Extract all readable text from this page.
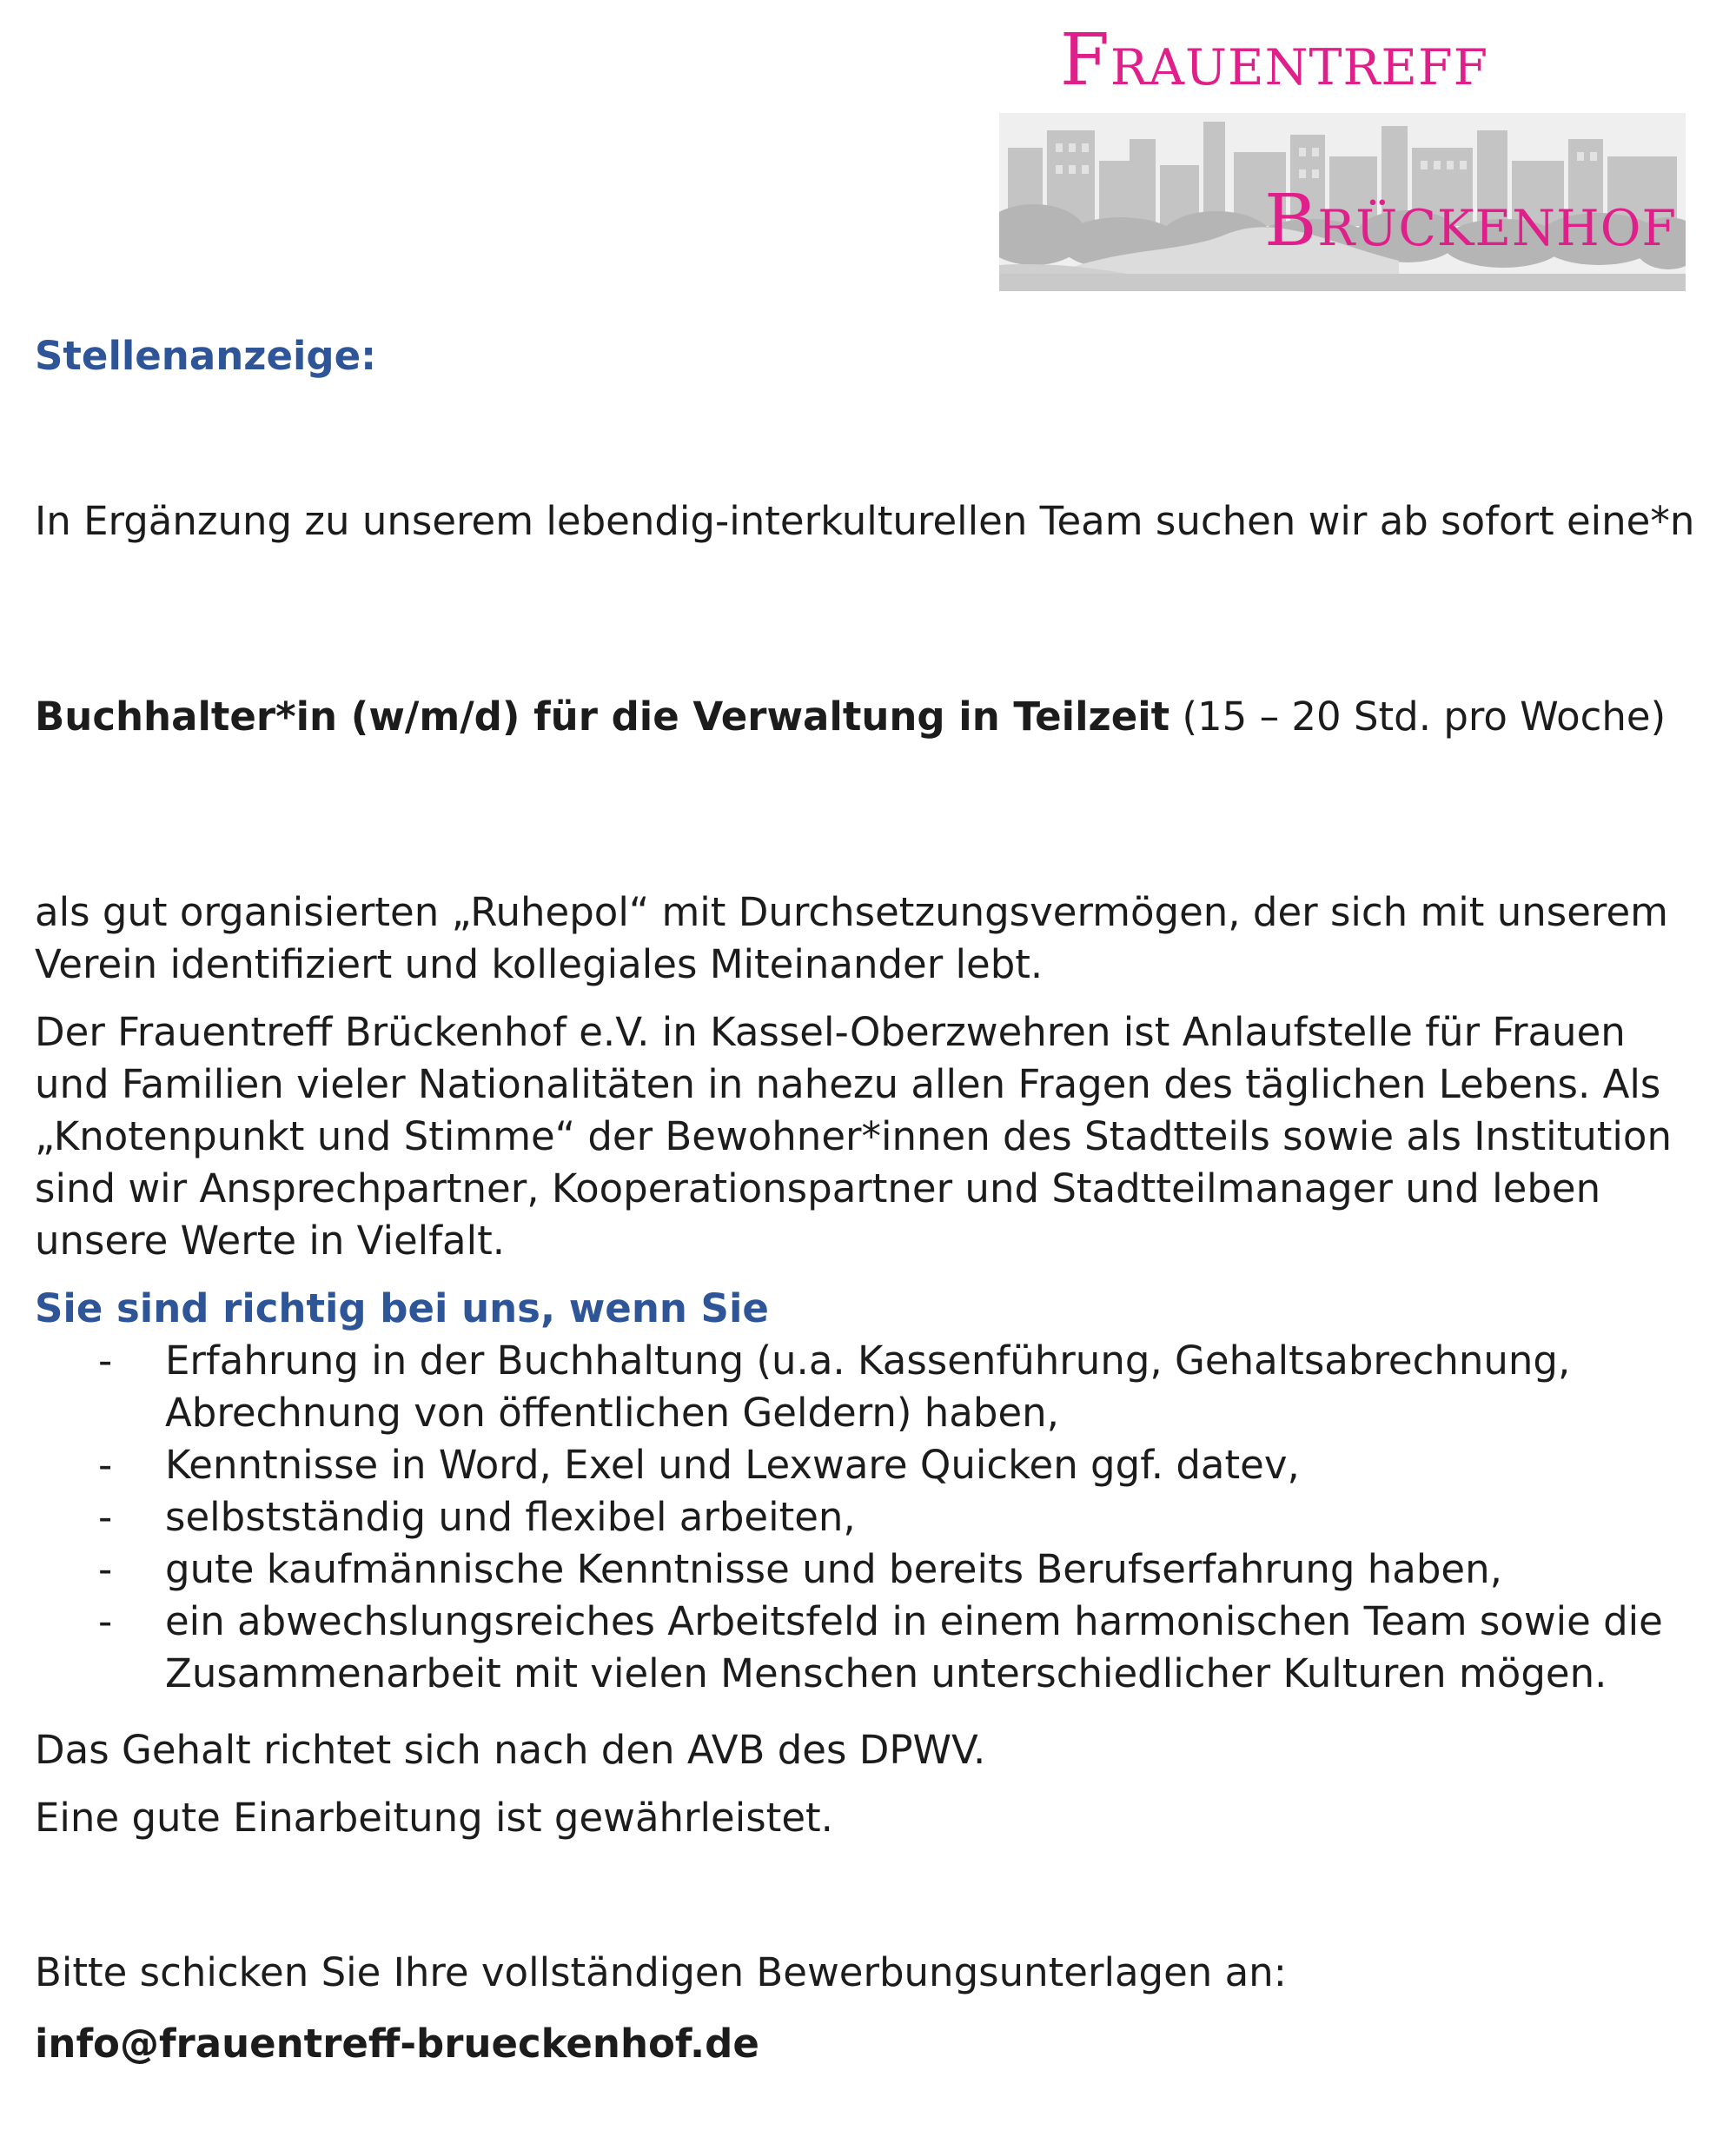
Frauentreff
Brückenhof

Stellenanzeige:

In Ergänzung zu unserem lebendig-interkulturellen Team suchen wir ab sofort eine*n

Buchhalter*in (w/m/d) für die Verwaltung in Teilzeit (15 – 20 Std. pro Woche)

als gut organisierten „Ruhepol“ mit Durchsetzungsvermögen, der sich mit unserem Verein identifiziert und kollegiales Miteinander lebt.

Der Frauentreff Brückenhof e.V. in Kassel-Oberzwehren ist Anlaufstelle für Frauen und Familien vieler Nationalitäten in nahezu allen Fragen des täglichen Lebens. Als „Knotenpunkt und Stimme“ der Bewohner*innen des Stadtteils sowie als Institution sind wir Ansprechpartner, Kooperationspartner und Stadtteilmanager und leben unsere Werte in Vielfalt.

Sie sind richtig bei uns, wenn Sie

- Erfahrung in der Buchhaltung (u.a. Kassenführung, Gehaltsabrechnung, Abrechnung von öffentlichen Geldern) haben,
- Kenntnisse in Word, Exel und Lexware Quicken ggf. datev,
- selbstständig und flexibel arbeiten,
- gute kaufmännische Kenntnisse und bereits Berufserfahrung haben,
- ein abwechslungsreiches Arbeitsfeld in einem harmonischen Team sowie die Zusammenarbeit mit vielen Menschen unterschiedlicher Kulturen mögen.

Das Gehalt richtet sich nach den AVB des DPWV.

Eine gute Einarbeitung ist gewährleistet.

Bitte schicken Sie Ihre vollständigen Bewerbungsunterlagen an:

info@frauentreff-brueckenhof.de
